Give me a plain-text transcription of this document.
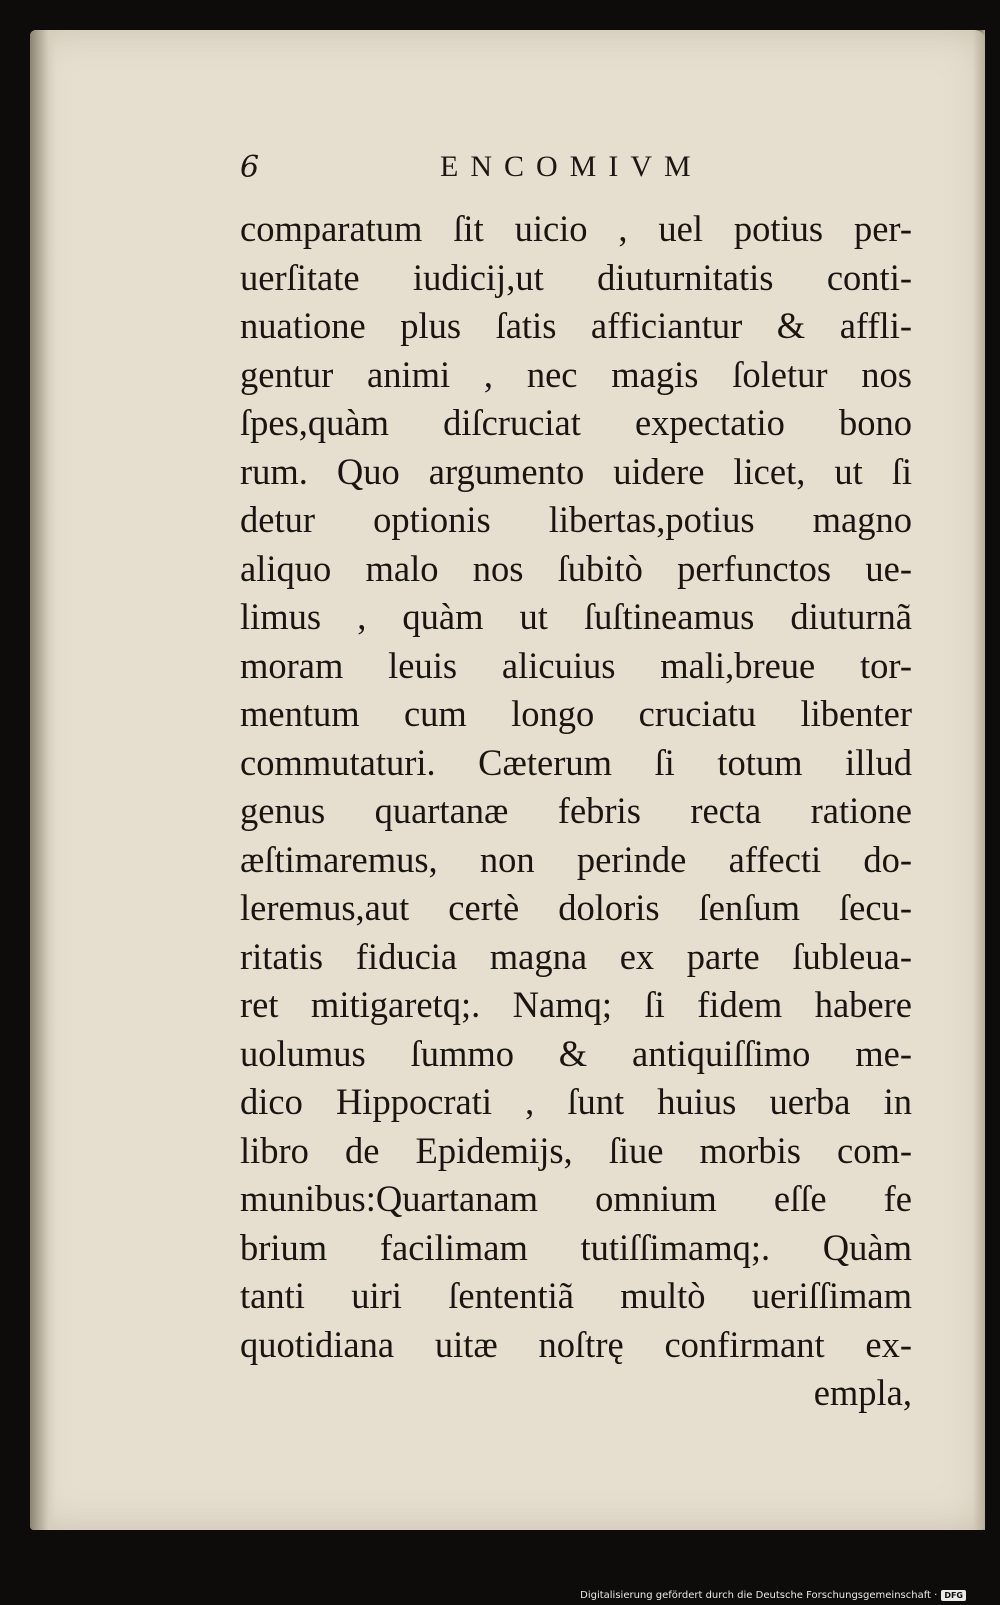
6	ENCOMIVM
comparatum ſit uicio , uel potius per-
uerſitate iudicij,ut diuturnitatis conti-
nuatione plus ſatis afficiantur & affli-
gentur animi , nec magis ſoletur nos
ſpes,quàm diſcruciat expectatio bono
rum. Quo argumento uidere licet, ut ſi
detur optionis libertas,potius magno
aliquo malo nos ſubitò perfunctos ue-
limus , quàm ut ſuſtineamus diuturnã
moram leuis alicuius mali,breue tor-
mentum cum longo cruciatu libenter
commutaturi. Cæterum ſi totum illud
genus quartanæ febris recta ratione
æſtimaremus, non perinde affecti do-
leremus,aut certè doloris ſenſum ſecu-
ritatis fiducia magna ex parte ſubleua-
ret mitigaretq;. Namq; ſi fidem habere
uolumus ſummo & antiquiſſimo me-
dico Hippocrati , ſunt huius uerba in
libro de Epidemijs, ſiue morbis com-
munibus:Quartanam omnium eſſe fe
brium facilimam tutiſſimamq;. Quàm
tanti uiri ſententiã multò ueriſſimam
quotidiana uitæ noſtrę confirmant ex-
empla,
Digitalisierung gefördert durch die Deutsche Forschungsgemeinschaft · DFG
